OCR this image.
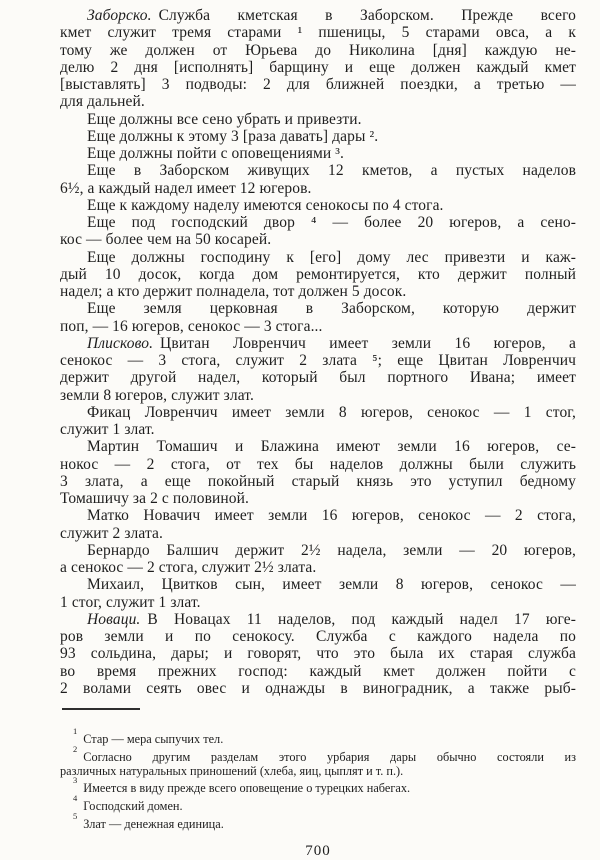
Заборско. Служба кметская в Заборском. Прежде всего
кмет служит тремя старами ¹ пшеницы, 5 старами овса, а к
тому же должен от Юрьева до Николина [дня] каждую не-
делю 2 дня [исполнять] барщину и еще должен каждый кмет
[выставлять] 3 подводы: 2 для ближней поездки, а третью —
для дальней.

Еще должны все сено убрать и привезти.

Еще должны к этому 3 [раза давать] дары ².

Еще должны пойти с оповещениями ³.

Еще в Заборском живущих 12 кметов, а пустых наделов
6½, а каждый надел имеет 12 югеров.

Еще к каждому наделу имеются сенокосы по 4 стога.

Еще под господский двор ⁴ — более 20 югеров, а сено-
кос — более чем на 50 косарей.

Еще должны господину к [его] дому лес привезти и каж-
дый 10 досок, когда дом ремонтируется, кто держит полный
надел; а кто держит полнадела, тот должен 5 досок.

Еще земля церковная в Заборском, которую держит
поп, — 16 югеров, сенокос — 3 стога...

Плисково. Цвитан Ловренчич имеет земли 16 югеров, а
сенокос — 3 стога, служит 2 злата ⁵; еще Цвитан Ловренчич
держит другой надел, который был портного Ивана; имеет
земли 8 югеров, служит злат.

Фикац Ловренчич имеет земли 8 югеров, сенокос — 1 стог,
служит 1 злат.

Мартин Томашич и Блажина имеют земли 16 югеров, се-
нокос — 2 стога, от тех бы наделов должны были служить
3 злата, а еще покойный старый князь это уступил бедному
Томашичу за 2 с половиной.

Матко Новачич имеет земли 16 югеров, сенокос — 2 стога,
служит 2 злата.

Бернардо Балшич держит 2½ надела, земли — 20 югеров,
а сенокос — 2 стога, служит 2½ злата.

Михаил, Цвитков сын, имеет земли 8 югеров, сенокос —
1 стог, служит 1 злат.

Новаци. В Новацах 11 наделов, под каждый надел 17 юге-
ров земли и по сенокосу. Служба с каждого надела по
93 сольдина, дары; и говорят, что это была их старая служба
во время прежних господ: каждый кмет должен пойти с
2 волами сеять овес и однажды в виноградник, а также рыб-

$^1$Стар — мера сыпучих тел.
$^2$Согласно другим разделам этого урбария дары обычно состояли из
различных натуральных приношений (хлеба, яиц, цыплят и т. п.).
$^3$Имеется в виду прежде всего оповещение о турецких набегах.
$^4$Господский домен.
$^5$Злат — денежная единица.
700
